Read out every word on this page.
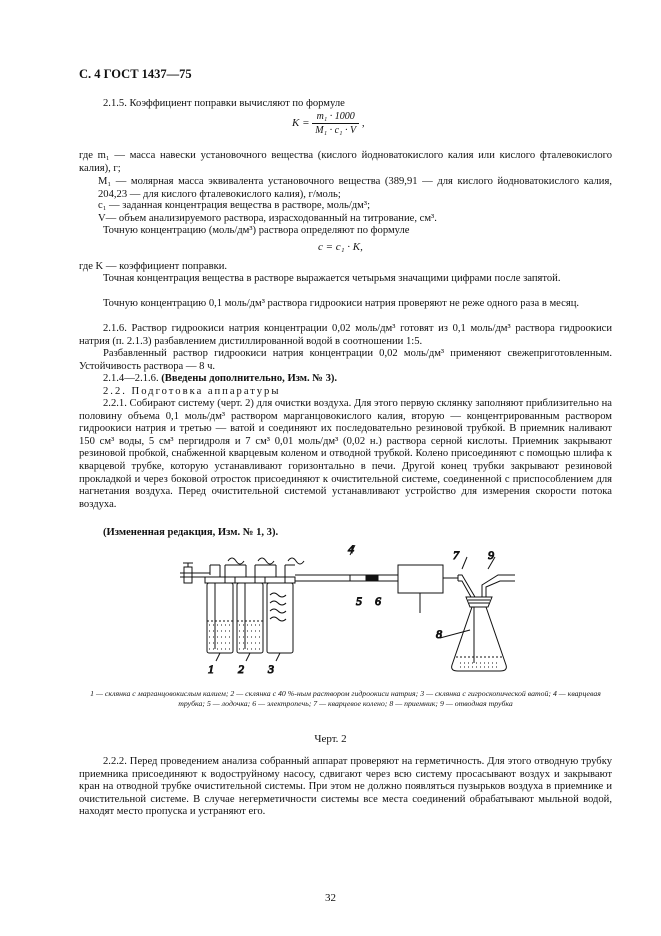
С. 4 ГОСТ 1437—75
2.1.5. Коэффициент поправки вычисляют по формуле
$K = \frac{\text{m₁ · 1000}}{\text{M₁ · c₁ · V}}$ ,
где m₁ — масса навески установочного вещества (кислого йодноватокислого калия или кислого фталевокислого калия), г;
M₁ — молярная масса эквивалента установочного вещества (389,91 — для кислого йодноватокислого калия, 204,23 — для кислого фталевокислого калия), г/моль;
c₁ — заданная концентрация вещества в растворе, моль/дм³;
V— объем анализируемого раствора, израсходованный на титрование, см³.
Точную концентрацию (моль/дм³) раствора определяют по формуле
c = c₁ · K,
где K — коэффициент поправки.
Точная концентрация вещества в растворе выражается четырьмя значащими цифрами после запятой.
Точную концентрацию 0,1 моль/дм³ раствора гидроокиси натрия проверяют не реже одного раза в месяц.
2.1.6. Раствор гидроокиси натрия концентрации 0,02 моль/дм³ готовят из 0,1 моль/дм³ раствора гидроокиси натрия (п. 2.1.3) разбавлением дистиллированной водой в соотношении 1:5.
Разбавленный раствор гидроокиси натрия концентрации 0,02 моль/дм³ применяют свежеприготовленным. Устойчивость раствора — 8 ч.
2.1.4—2.1.6. (Введены дополнительно, Изм. № 3).
2.2. Подготовка аппаратуры
2.2.1. Собирают систему (черт. 2) для очистки воздуха. Для этого первую склянку заполняют приблизительно на половину объема 0,1 моль/дм³ раствором марганцовокислого калия, вторую — концентрированным раствором гидроокиси натрия и третью — ватой и соединяют их последовательно резиновой трубкой. В приемник наливают 150 см³ воды, 5 см³ пергидроля и 7 см³ 0,01 моль/дм³ (0,02 н.) раствора серной кислоты. Приемник закрывают резиновой пробкой, снабженной кварцевым коленом и отводной трубкой. Колено присоединяют с помощью шлифа к кварцевой трубке, которую устанавливают горизонтально в печи. Другой конец трубки закрывают резиновой прокладкой и через боковой отросток присоединяют к очистительной системе, соединенной с приспособлением для нагнетания воздуха. Перед очистительной системой устанавливают устройство для измерения скорости потока воздуха.
(Измененная редакция, Изм. № 1, 3).
1 2 3
4
5 6
7
8
9
1 — склянка с марганцовокислым калием; 2 — склянка с 40 %-ным раствором гидроокиси натрия; 3 — склянка с гигроскопической ватой; 4 — кварцевая трубка; 5 — лодочка; 6 — электропечь; 7 — кварцевое колено; 8 — приемник; 9 — отводная трубка
Черт. 2
2.2.2. Перед проведением анализа собранный аппарат проверяют на герметичность. Для этого отводную трубку приемника присоединяют к водоструйному насосу, сдвигают через всю систему просасывают воздух и закрывают кран на отводной трубке очистительной системы. При этом не должно появляться пузырьков воздуха в приемнике и очистительной системе. В случае негерметичности системы все места соединений обрабатывают мыльной водой, находят место пропуска и устраняют его.
32
